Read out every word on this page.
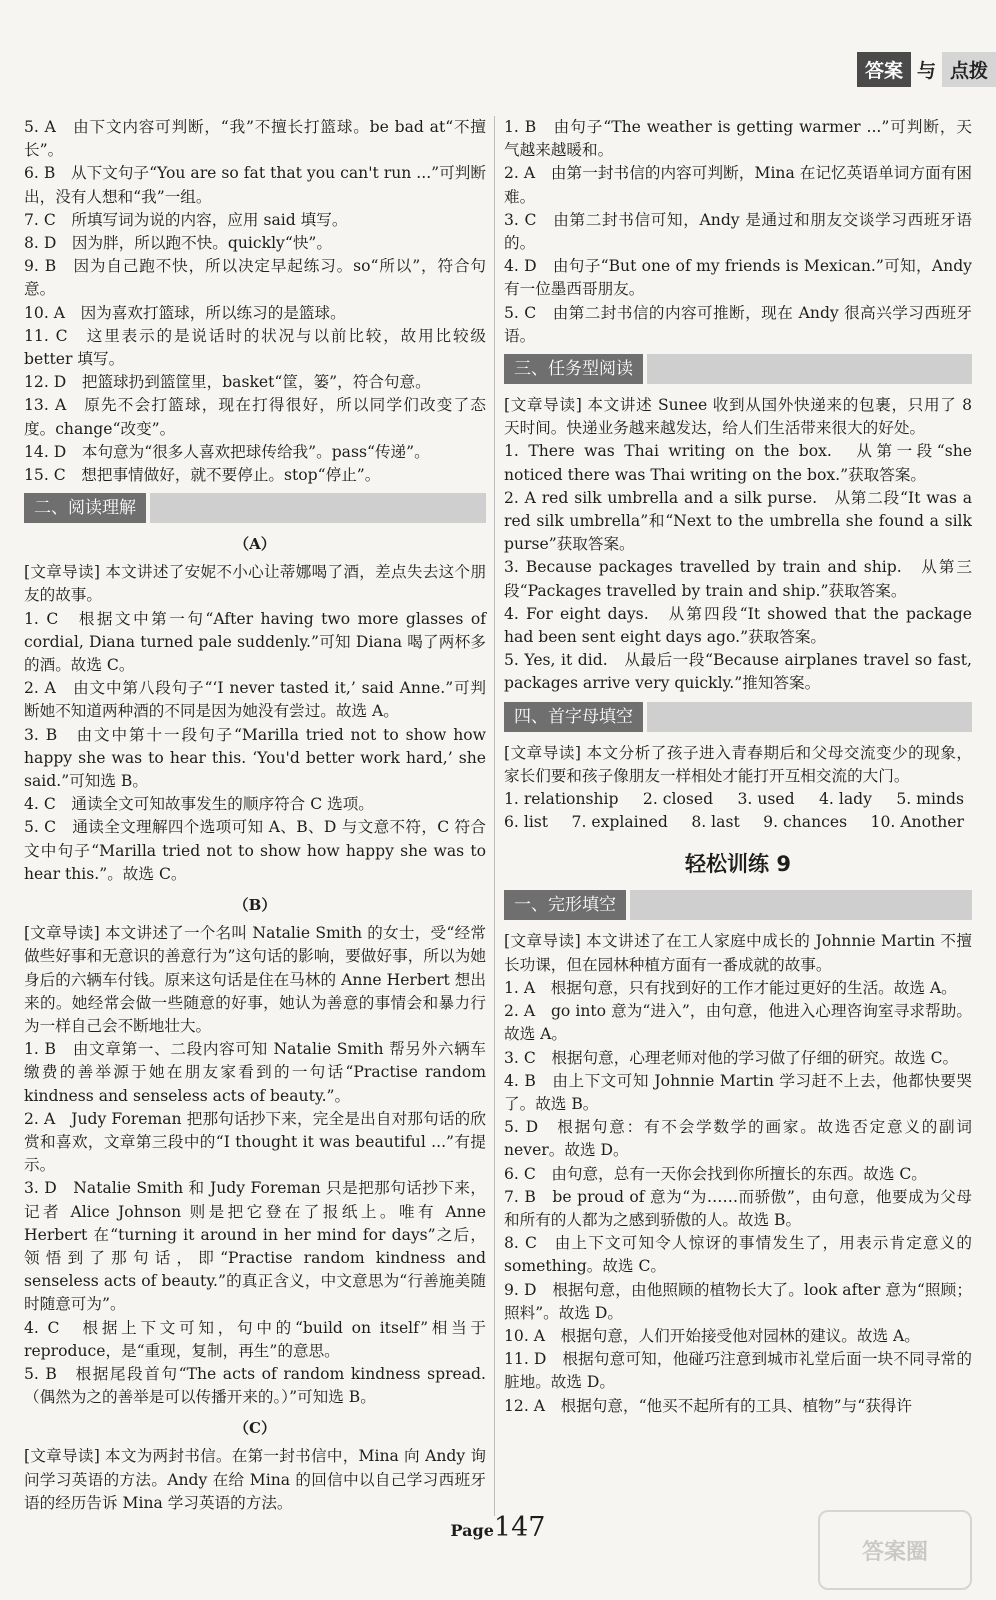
答案 与 点拨

5. A　由下文内容可判断，“我”不擅长打篮球。be bad at“不擅长”。

6. B　从下文句子“You are so fat that you can't run ...”可判断出，没有人想和“我”一组。

7. C　所填写词为说的内容，应用 said 填写。

8. D　因为胖，所以跑不快。quickly“快”。

9. B　因为自己跑不快，所以决定早起练习。so“所以”，符合句意。

10. A　因为喜欢打篮球，所以练习的是篮球。

11. C　这里表示的是说话时的状况与以前比较，故用比较级 better 填写。

12. D　把篮球扔到篮筐里，basket“筐，篓”，符合句意。

13. A　原先不会打篮球，现在打得很好，所以同学们改变了态度。change“改变”。

14. D　本句意为“很多人喜欢把球传给我”。pass“传递”。

15. C　想把事情做好，就不要停止。stop“停止”。

二、阅读理解
（A）

[文章导读] 本文讲述了安妮不小心让蒂娜喝了酒，差点失去这个朋友的故事。

1. C　根据文中第一句“After having two more glasses of cordial, Diana turned pale suddenly.”可知 Diana 喝了两杯多的酒。故选 C。

2. A　由文中第八段句子“‘I never tasted it,’ said Anne.”可判断她不知道两种酒的不同是因为她没有尝过。故选 A。

3. B　由文中第十一段句子“Marilla tried not to show how happy she was to hear this. ‘You'd better work hard,’ she said.”可知选 B。

4. C　通读全文可知故事发生的顺序符合 C 选项。

5. C　通读全文理解四个选项可知 A、B、D 与文意不符，C 符合文中句子“Marilla tried not to show how happy she was to hear this.”。故选 C。

（B）

[文章导读] 本文讲述了一个名叫 Natalie Smith 的女士，受“经常做些好事和无意识的善意行为”这句话的影响，要做好事，所以为她身后的六辆车付钱。原来这句话是住在马林的 Anne Herbert 想出来的。她经常会做一些随意的好事，她认为善意的事情会和暴力行为一样自己会不断地壮大。

1. B　由文章第一、二段内容可知 Natalie Smith 帮另外六辆车缴费的善举源于她在朋友家看到的一句话“Practise random kindness and senseless acts of beauty.”。

2. A　Judy Foreman 把那句话抄下来，完全是出自对那句话的欣赏和喜欢，文章第三段中的“I thought it was beautiful ...”有提示。

3. D　Natalie Smith 和 Judy Foreman 只是把那句话抄下来，记者 Alice Johnson 则是把它登在了报纸上。唯有 Anne Herbert 在“turning it around in her mind for days”之后，领悟到了那句话，即“Practise random kindness and senseless acts of beauty.”的真正含义，中文意思为“行善施美随时随意可为”。

4. C　根据上下文可知，句中的“build on itself”相当于 reproduce，是“重现，复制，再生”的意思。

5. B　根据尾段首句“The acts of random kindness spread.（偶然为之的善举是可以传播开来的。）”可知选 B。

（C）

[文章导读] 本文为两封书信。在第一封书信中，Mina 向 Andy 询问学习英语的方法。Andy 在给 Mina 的回信中以自己学习西班牙语的经历告诉 Mina 学习英语的方法。

1. B　由句子“The weather is getting warmer ...”可判断，天气越来越暖和。

2. A　由第一封书信的内容可判断，Mina 在记忆英语单词方面有困难。

3. C　由第二封书信可知，Andy 是通过和朋友交谈学习西班牙语的。

4. D　由句子“But one of my friends is Mexican.”可知，Andy 有一位墨西哥朋友。

5. C　由第二封书信的内容可推断，现在 Andy 很高兴学习西班牙语。

三、任务型阅读

[文章导读] 本文讲述 Sunee 收到从国外快递来的包裹，只用了 8 天时间。快递业务越来越发达，给人们生活带来很大的好处。

1. There was Thai writing on the box.　从第一段“she noticed there was Thai writing on the box.”获取答案。

2. A red silk umbrella and a silk purse.　从第二段“It was a red silk umbrella”和“Next to the umbrella she found a silk purse”获取答案。

3. Because packages travelled by train and ship.　从第三段“Packages travelled by train and ship.”获取答案。

4. For eight days.　从第四段“It showed that the package had been sent eight days ago.”获取答案。

5. Yes, it did.　从最后一段“Because airplanes travel so fast, packages arrive very quickly.”推知答案。

四、首字母填空

[文章导读] 本文分析了孩子进入青春期后和父母交流变少的现象，家长们要和孩子像朋友一样相处才能打开互相交流的大门。

1. relationship 2. closed 3. used 4. lady 5. minds
6. list 7. explained 8. last 9. chances 10. Another
轻松训练 9
一、完形填空

[文章导读] 本文讲述了在工人家庭中成长的 Johnnie Martin 不擅长功课，但在园林种植方面有一番成就的故事。

1. A　根据句意，只有找到好的工作才能过更好的生活。故选 A。

2. A　go into 意为“进入”，由句意，他进入心理咨询室寻求帮助。故选 A。

3. C　根据句意，心理老师对他的学习做了仔细的研究。故选 C。

4. B　由上下文可知 Johnnie Martin 学习赶不上去，他都快要哭了。故选 B。

5. D　根据句意：有不会学数学的画家。故选否定意义的副词 never。故选 D。

6. C　由句意，总有一天你会找到你所擅长的东西。故选 C。

7. B　be proud of 意为“为……而骄傲”，由句意，他要成为父母和所有的人都为之感到骄傲的人。故选 B。

8. C　由上下文可知令人惊讶的事情发生了，用表示肯定意义的 something。故选 C。

9. D　根据句意，由他照顾的植物长大了。look after 意为“照顾；照料”。故选 D。

10. A　根据句意，人们开始接受他对园林的建议。故选 A。

11. D　根据句意可知，他碰巧注意到城市礼堂后面一块不同寻常的脏地。故选 D。

12. A　根据句意，“他买不起所有的工具、植物”与“获得许

Page147
答案圈
